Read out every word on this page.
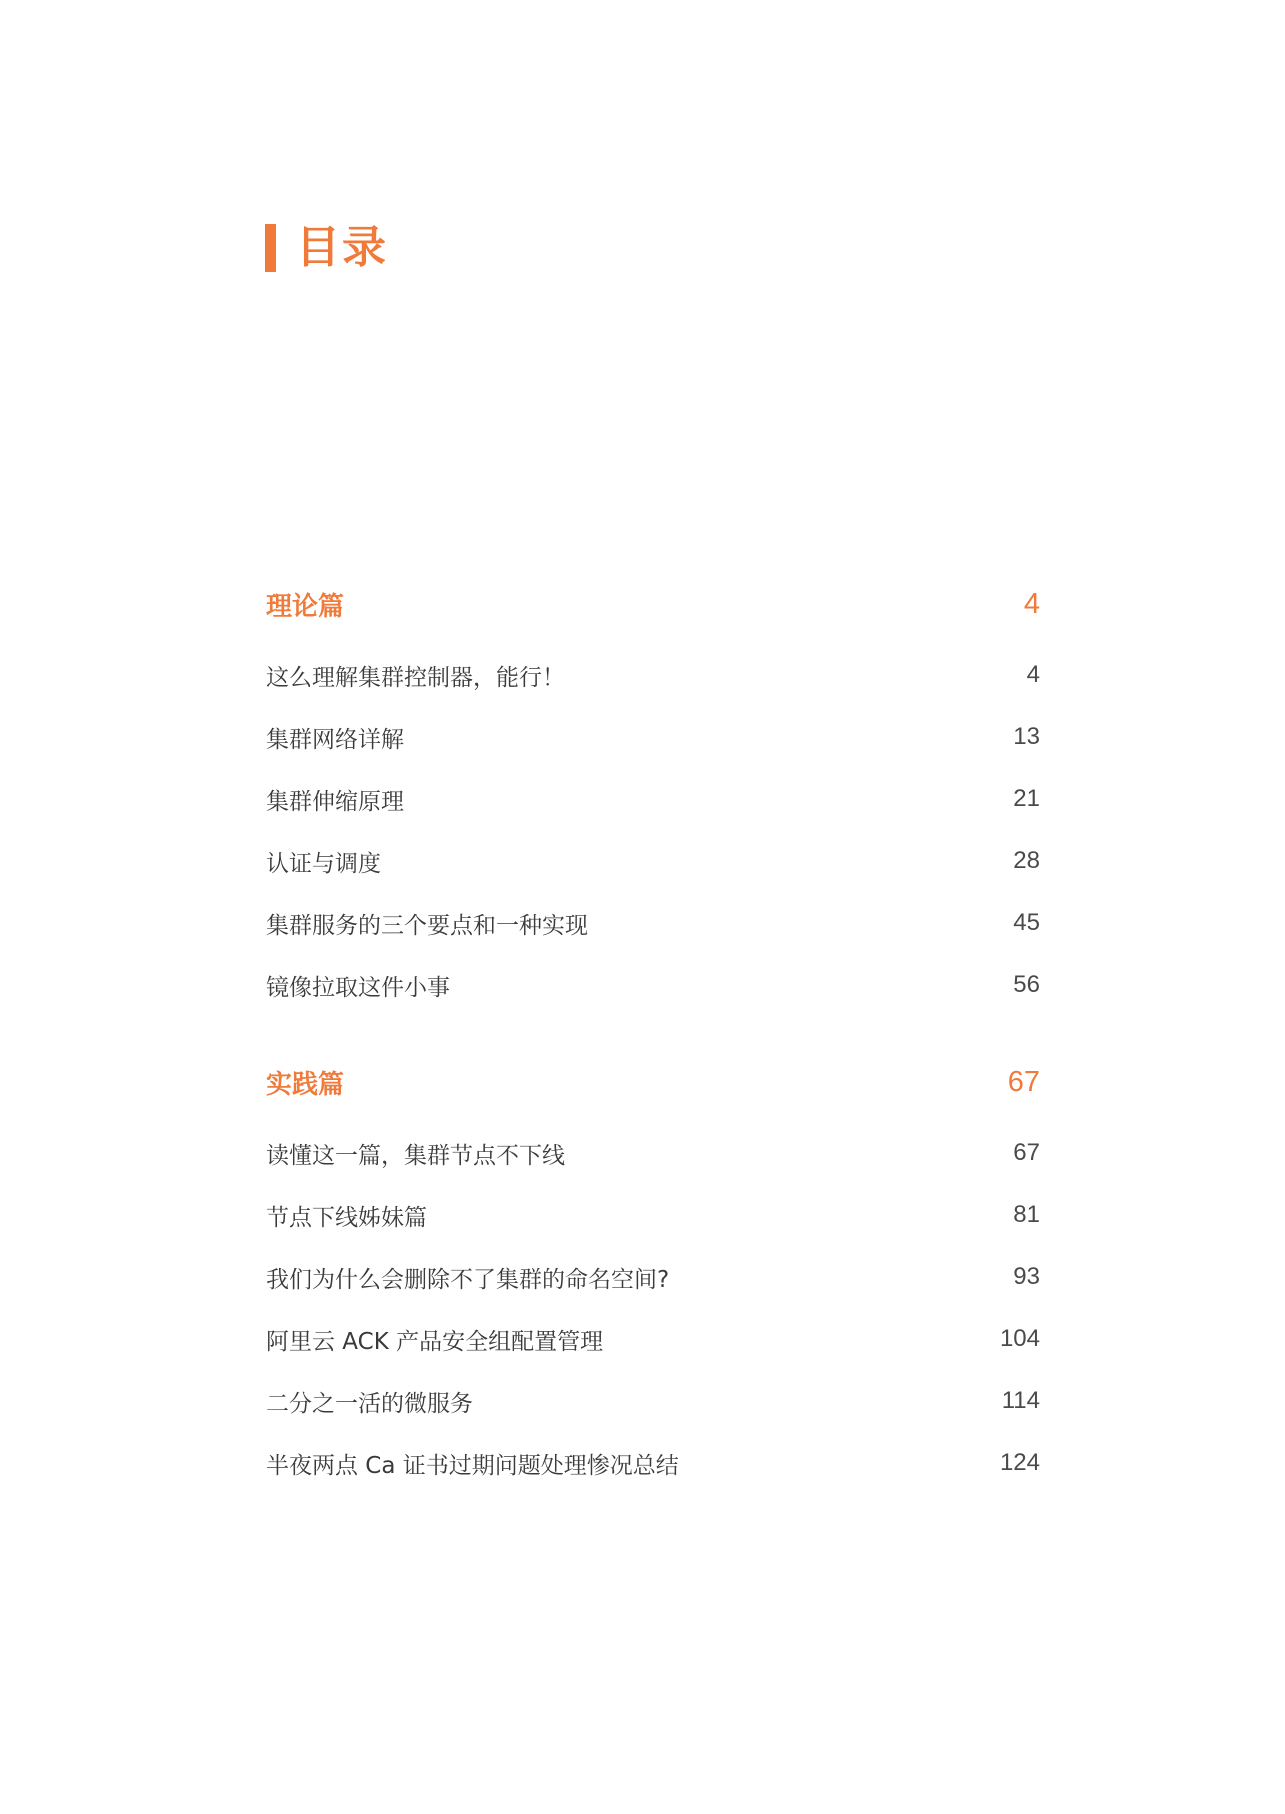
目录
理论篇	4
这么理解集群控制器，能行！	4
集群网络详解	13
集群伸缩原理	21
认证与调度	28
集群服务的三个要点和一种实现	45
镜像拉取这件小事	56
实践篇	67
读懂这一篇，集群节点不下线	67
节点下线姊妹篇	81
我们为什么会删除不了集群的命名空间?	93
阿里云 ACK 产品安全组配置管理	104
二分之一活的微服务	114
半夜两点 Ca 证书过期问题处理惨况总结	124
